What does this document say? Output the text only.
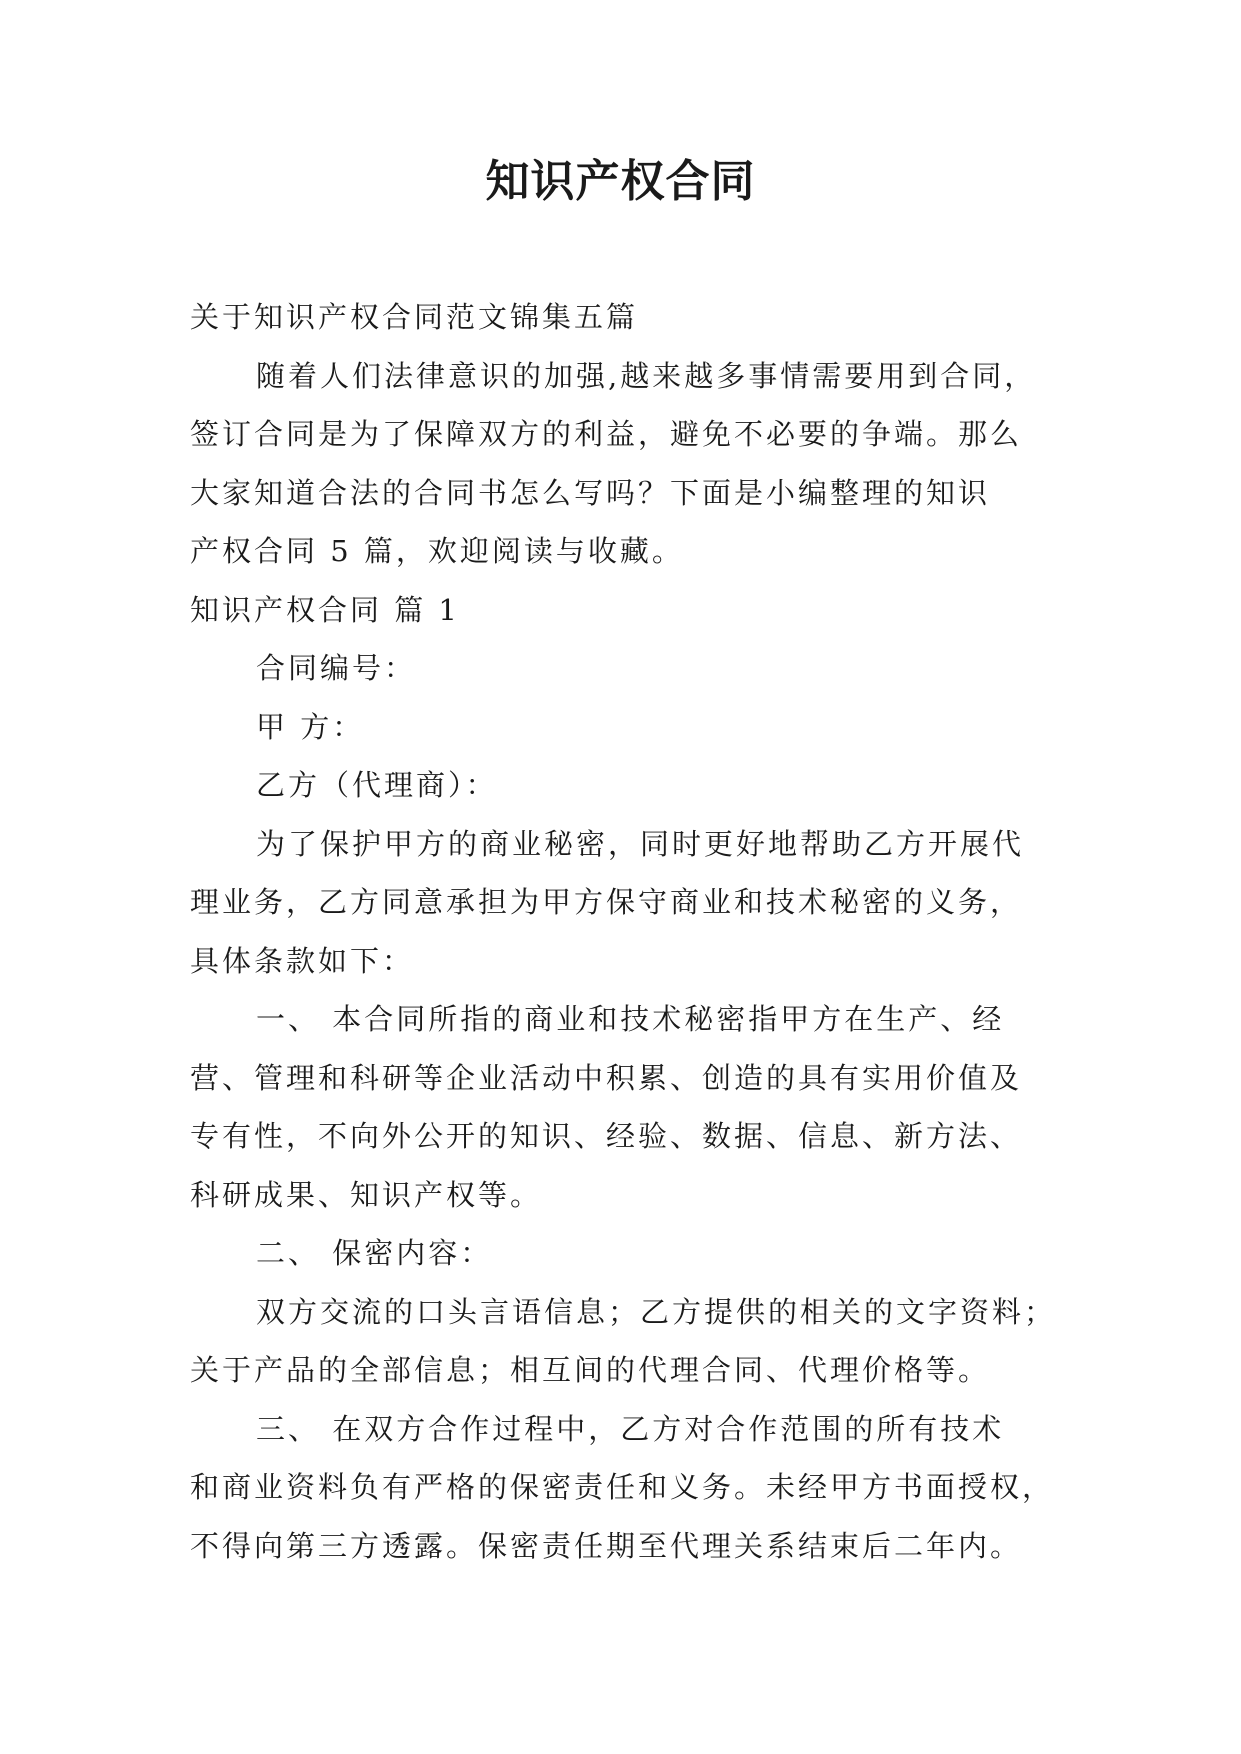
知识产权合同

关于知识产权合同范文锦集五篇

随着人们法律意识的加强,越来越多事情需要用到合同，

签订合同是为了保障双方的利益，避免不必要的争端。那么

大家知道合法的合同书怎么写吗？下面是小编整理的知识

产权合同 5 篇，欢迎阅读与收藏。

知识产权合同 篇 1

合同编号：

甲 方：

乙方（代理商）：

为了保护甲方的商业秘密，同时更好地帮助乙方开展代

理业务，乙方同意承担为甲方保守商业和技术秘密的义务，

具体条款如下：

一、 本合同所指的商业和技术秘密指甲方在生产、经

营、管理和科研等企业活动中积累、创造的具有实用价值及

专有性，不向外公开的知识、经验、数据、信息、新方法、

科研成果、知识产权等。

二、 保密内容：

双方交流的口头言语信息；乙方提供的相关的文字资料；

关于产品的全部信息；相互间的代理合同、代理价格等。

三、 在双方合作过程中，乙方对合作范围的所有技术

和商业资料负有严格的保密责任和义务。未经甲方书面授权，

不得向第三方透露。保密责任期至代理关系结束后二年内。
